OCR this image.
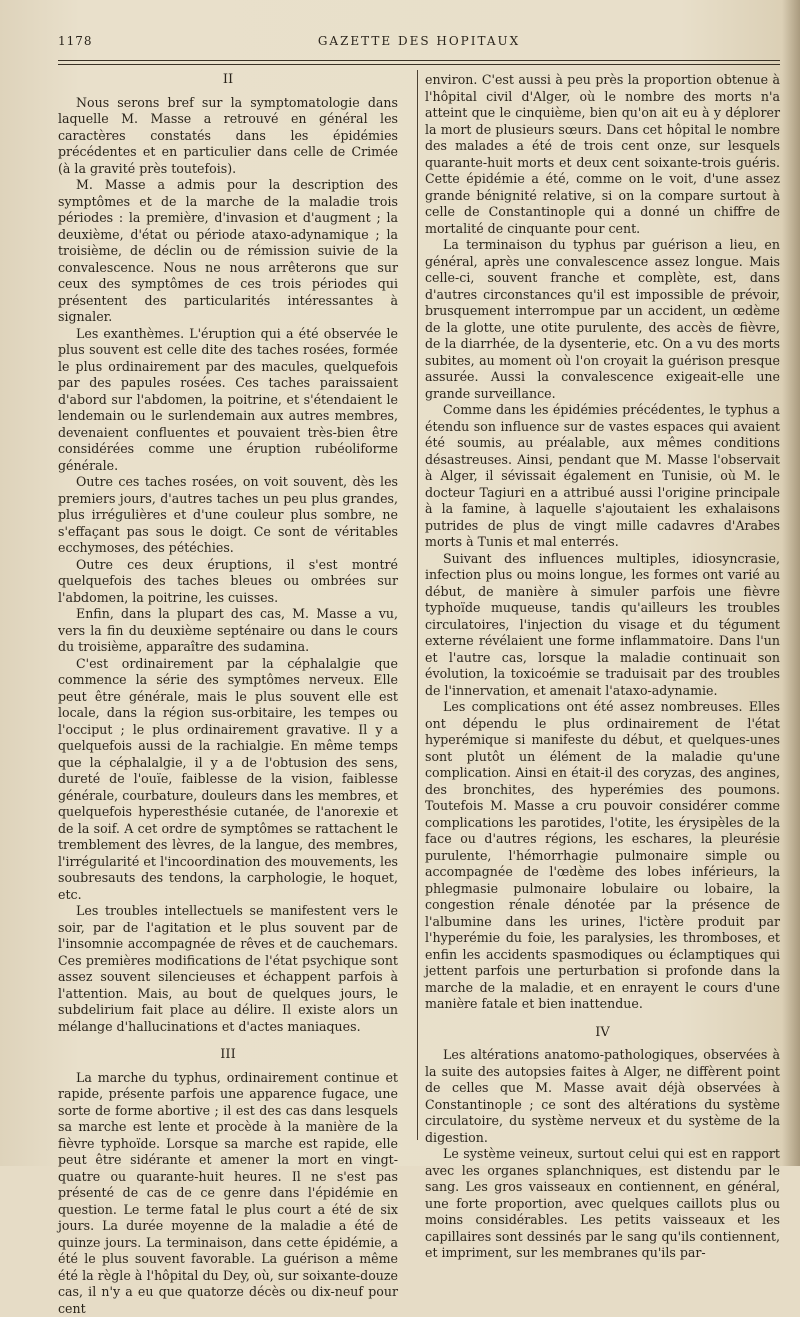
1178	GAZETTE DES HOPITAUX
II

Nous serons bref sur la symptomatologie dans laquelle M. Masse a retrouvé en général les caractères constatés dans les épidémies précédentes et en particulier dans celle de Crimée (à la gravité près toutefois).

M. Masse a admis pour la description des symptômes et de la marche de la maladie trois périodes : la première, d'invasion et d'augment ; la deuxième, d'état ou période ataxo-adynamique ; la troisième, de déclin ou de rémission suivie de la convalescence. Nous ne nous arrêterons que sur ceux des symptômes de ces trois périodes qui présentent des particularités intéressantes à signaler.

Les exanthèmes. L'éruption qui a été observée le plus souvent est celle dite des taches rosées, formée le plus ordinairement par des macules, quelquefois par des papules rosées. Ces taches paraissaient d'abord sur l'abdomen, la poitrine, et s'étendaient le lendemain ou le surlendemain aux autres membres, devenaient confluentes et pouvaient très-bien être considérées comme une éruption rubéoliforme générale.

Outre ces taches rosées, on voit souvent, dès les premiers jours, d'autres taches un peu plus grandes, plus irrégulières et d'une couleur plus sombre, ne s'effaçant pas sous le doigt. Ce sont de véritables ecchymoses, des pétéchies.

Outre ces deux éruptions, il s'est montré quelquefois des taches bleues ou ombrées sur l'abdomen, la poitrine, les cuisses.

Enfin, dans la plupart des cas, M. Masse a vu, vers la fin du deuxième septénaire ou dans le cours du troisième, apparaître des sudamina.

C'est ordinairement par la céphalalgie que commence la série des symptômes nerveux. Elle peut être générale, mais le plus souvent elle est locale, dans la région sus-orbitaire, les tempes ou l'occiput ; le plus ordinairement gravative. Il y a quelquefois aussi de la rachialgie. En même temps que la céphalalgie, il y a de l'obtusion des sens, dureté de l'ouïe, faiblesse de la vision, faiblesse générale, courbature, douleurs dans les membres, et quelquefois hyperesthésie cutanée, de l'anorexie et de la soif. A cet ordre de symptômes se rattachent le tremblement des lèvres, de la langue, des membres, l'irrégularité et l'incoordination des mouvements, les soubresauts des tendons, la carphologie, le hoquet, etc.

Les troubles intellectuels se manifestent vers le soir, par de l'agitation et le plus souvent par de l'insomnie accompagnée de rêves et de cauchemars. Ces premières modifications de l'état psychique sont assez souvent silencieuses et échappent parfois à l'attention. Mais, au bout de quelques jours, le subdelirium fait place au délire. Il existe alors un mélange d'hallucinations et d'actes maniaques.

III

La marche du typhus, ordinairement continue et rapide, présente parfois une apparence fugace, une sorte de forme abortive ; il est des cas dans lesquels sa marche est lente et procède à la manière de la fièvre typhoïde. Lorsque sa marche est rapide, elle peut être sidérante et amener la mort en vingt-quatre ou quarante-huit heures. Il ne s'est pas présenté de cas de ce genre dans l'épidémie en question. Le terme fatal le plus court a été de six jours. La durée moyenne de la maladie a été de quinze jours. La terminaison, dans cette épidémie, a été le plus souvent favorable. La guérison a même été la règle à l'hôpital du Dey, où, sur soixante-douze cas, il n'y a eu que quatorze décès ou dix-neuf pour cent

environ. C'est aussi à peu près la proportion obtenue à l'hôpital civil d'Alger, où le nombre des morts n'a atteint que le cinquième, bien qu'on ait eu à y déplorer la mort de plusieurs sœurs. Dans cet hôpital le nombre des malades a été de trois cent onze, sur lesquels quarante-huit morts et deux cent soixante-trois guéris. Cette épidémie a été, comme on le voit, d'une assez grande bénignité relative, si on la compare surtout à celle de Constantinople qui a donné un chiffre de mortalité de cinquante pour cent.

La terminaison du typhus par guérison a lieu, en général, après une convalescence assez longue. Mais celle-ci, souvent franche et complète, est, dans d'autres circonstances qu'il est impossible de prévoir, brusquement interrompue par un accident, un œdème de la glotte, une otite purulente, des accès de fièvre, de la diarrhée, de la dysenterie, etc. On a vu des morts subites, au moment où l'on croyait la guérison presque assurée. Aussi la convalescence exigeait-elle une grande surveillance.

Comme dans les épidémies précédentes, le typhus a étendu son influence sur de vastes espaces qui avaient été soumis, au préalable, aux mêmes conditions désastreuses. Ainsi, pendant que M. Masse l'observait à Alger, il sévissait également en Tunisie, où M. le docteur Tagiuri en a attribué aussi l'origine principale à la famine, à laquelle s'ajoutaient les exhalaisons putrides de plus de vingt mille cadavres d'Arabes morts à Tunis et mal enterrés.

Suivant des influences multiples, idiosyncrasie, infection plus ou moins longue, les formes ont varié au début, de manière à simuler parfois une fièvre typhoïde muqueuse, tandis qu'ailleurs les troubles circulatoires, l'injection du visage et du tégument externe révélaient une forme inflammatoire. Dans l'un et l'autre cas, lorsque la maladie continuait son évolution, la toxicoémie se traduisait par des troubles de l'innervation, et amenait l'ataxo-adynamie.

Les complications ont été assez nombreuses. Elles ont dépendu le plus ordinairement de l'état hyperémique si manifeste du début, et quelques-unes sont plutôt un élément de la maladie qu'une complication. Ainsi en était-il des coryzas, des angines, des bronchites, des hyperémies des poumons. Toutefois M. Masse a cru pouvoir considérer comme complications les parotides, l'otite, les érysipèles de la face ou d'autres régions, les eschares, la pleurésie purulente, l'hémorrhagie pulmonaire simple ou accompagnée de l'œdème des lobes inférieurs, la phlegmasie pulmonaire lobulaire ou lobaire, la congestion rénale dénotée par la présence de l'albumine dans les urines, l'ictère produit par l'hyperémie du foie, les paralysies, les thromboses, et enfin les accidents spasmodiques ou éclamptiques qui jettent parfois une perturbation si profonde dans la marche de la maladie, et en enrayent le cours d'une manière fatale et bien inattendue.

IV

Les altérations anatomo-pathologiques, observées à la suite des autopsies faites à Alger, ne diffèrent point de celles que M. Masse avait déjà observées à Constantinople ; ce sont des altérations du système circulatoire, du système nerveux et du système de la digestion.

Le système veineux, surtout celui qui est en rapport avec les organes splanchniques, est distendu par le sang. Les gros vaisseaux en contiennent, en général, une forte proportion, avec quelques caillots plus ou moins considérables. Les petits vaisseaux et les capillaires sont dessinés par le sang qu'ils contiennent, et impriment, sur les membranes qu'ils par-
